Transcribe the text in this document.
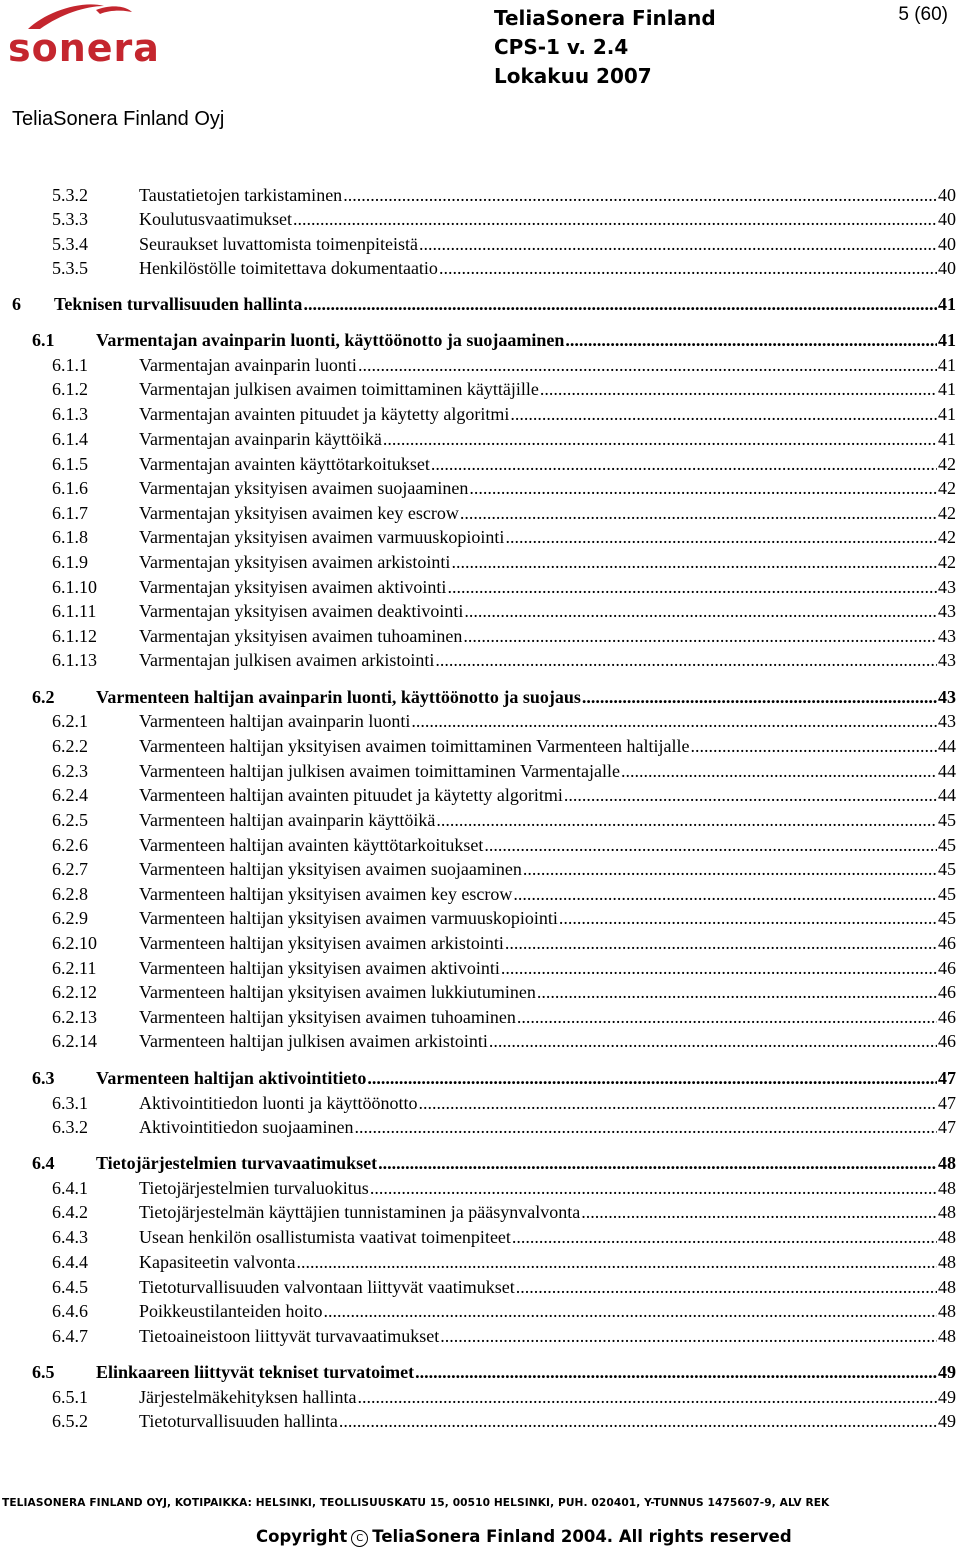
sonera
TeliaSonera Finland
CPS-1 v. 2.4
Lokakuu 2007
5 (60)
TeliaSonera Finland Oyj
5.3.2	Taustatietojen tarkistaminen .....	40
5.3.3	Koulutusvaatimukset .....	40
5.3.4	Seuraukset luvattomista toimenpiteistä .....	40
5.3.5	Henkilöstölle toimitettava dokumentaatio .....	40
6 Teknisen turvallisuuden hallinta .....	41
6.1 Varmentajan avainparin luonti, käyttöönotto ja suojaaminen .....	41
6.1.1	Varmentajan avainparin luonti .....	41
6.1.2	Varmentajan julkisen avaimen toimittaminen käyttäjille .....	41
6.1.3	Varmentajan avainten pituudet ja käytetty algoritmi .....	41
6.1.4	Varmentajan avainparin käyttöikä .....	41
6.1.5	Varmentajan avainten käyttötarkoitukset .....	42
6.1.6	Varmentajan yksityisen avaimen suojaaminen .....	42
6.1.7	Varmentajan yksityisen avaimen key escrow .....	42
6.1.8	Varmentajan yksityisen avaimen varmuuskopiointi .....	42
6.1.9	Varmentajan yksityisen avaimen arkistointi .....	42
6.1.10 Varmentajan yksityisen avaimen aktivointi .....	43
6.1.11 Varmentajan yksityisen avaimen deaktivointi .....	43
6.1.12 Varmentajan yksityisen avaimen tuhoaminen .....	43
6.1.13 Varmentajan julkisen avaimen arkistointi .....	43
6.2 Varmenteen haltijan avainparin luonti, käyttöönotto ja suojaus .....	43
6.2.1	Varmenteen haltijan avainparin luonti .....	43
6.2.2	Varmenteen haltijan yksityisen avaimen toimittaminen Varmenteen haltijalle .....	44
6.2.3	Varmenteen haltijan julkisen avaimen toimittaminen Varmentajalle .....	44
6.2.4	Varmenteen haltijan avainten pituudet ja käytetty algoritmi .....	44
6.2.5	Varmenteen haltijan avainparin käyttöikä .....	45
6.2.6	Varmenteen haltijan avainten käyttötarkoitukset .....	45
6.2.7	Varmenteen haltijan yksityisen avaimen suojaaminen .....	45
6.2.8	Varmenteen haltijan yksityisen avaimen key escrow .....	45
6.2.9	Varmenteen haltijan yksityisen avaimen varmuuskopiointi .....	45
6.2.10 Varmenteen haltijan yksityisen avaimen arkistointi .....	46
6.2.11 Varmenteen haltijan yksityisen avaimen aktivointi .....	46
6.2.12 Varmenteen haltijan yksityisen avaimen lukkiutuminen .....	46
6.2.13 Varmenteen haltijan yksityisen avaimen tuhoaminen .....	46
6.2.14 Varmenteen haltijan julkisen avaimen arkistointi .....	46
6.3 Varmenteen haltijan aktivointitieto .....	47
6.3.1	Aktivointitiedon luonti ja käyttöönotto .....	47
6.3.2	Aktivointitiedon suojaaminen .....	47
6.4 Tietojärjestelmien turvavaatimukset .....	48
6.4.1	Tietojärjestelmien turvaluokitus .....	48
6.4.2	Tietojärjestelmän käyttäjien tunnistaminen ja pääsynvalvonta .....	48
6.4.3	Usean henkilön osallistumista vaativat toimenpiteet .....	48
6.4.4	Kapasiteetin valvonta .....	48
6.4.5	Tietoturvallisuuden valvontaan liittyvät vaatimukset .....	48
6.4.6	Poikkeustilanteiden hoito .....	48
6.4.7	Tietoaineistoon liittyvät turvavaatimukset .....	48
6.5 Elinkaareen liittyvät tekniset turvatoimet .....	49
6.5.1	Järjestelmäkehityksen hallinta .....	49
6.5.2	Tietoturvallisuuden hallinta .....	49
TELIASONERA FINLAND OYJ, KOTIPAIKKA: HELSINKI, TEOLLISUUSKATU 15, 00510 HELSINKI, PUH. 020401, Y-TUNNUS 1475607-9, ALV REK
Copyright C TeliaSonera Finland 2004. All rights reserved
